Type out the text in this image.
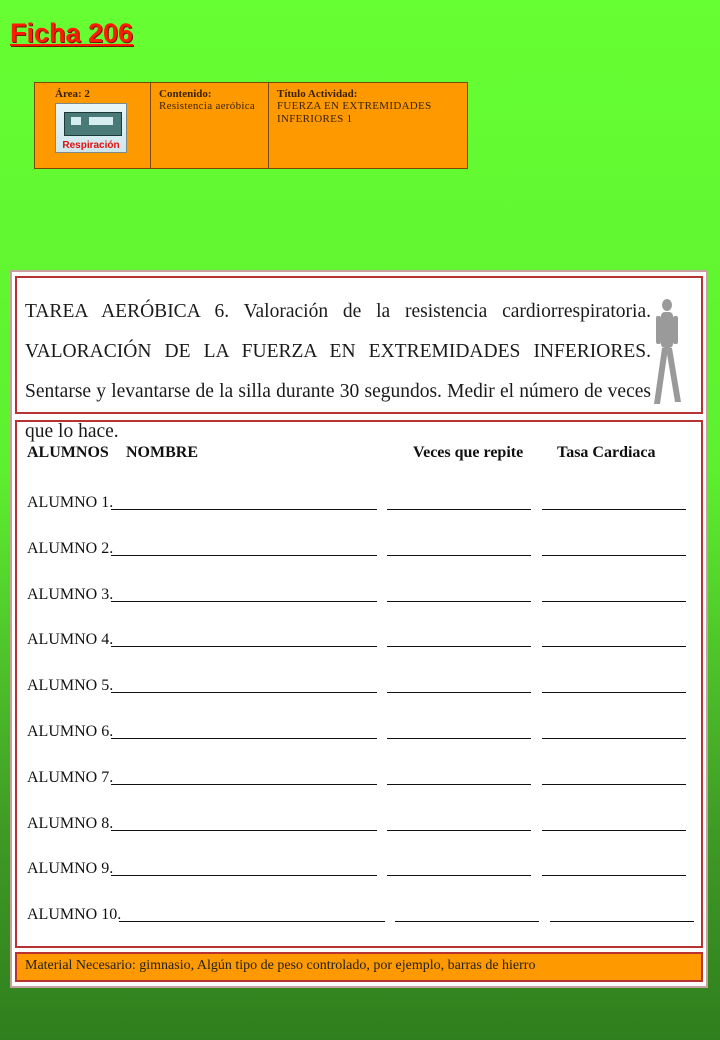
Ficha 206
Área: 2
Respiración
Contenido:
Resistencia aeróbica
Título Actividad:
FUERZA EN EXTREMIDADES INFERIORES 1
TAREA AERÓBICA 6. Valoración de la resistencia cardiorrespiratoria. VALORACIÓN DE LA FUERZA EN EXTREMIDADES INFERIORES. Sentarse y levantarse de la silla durante 30 segundos. Medir el número de veces que lo hace.
ALUMNOS NOMBRE	Veces que repite Tasa Cardiaca
ALUMNO 1.
ALUMNO 2.
ALUMNO 3.
ALUMNO 4.
ALUMNO 5.
ALUMNO 6.
ALUMNO 7.
ALUMNO 8.
ALUMNO 9.
ALUMNO 10.
Material Necesario: gimnasio, Algún tipo de peso controlado, por ejemplo, barras de hierro
